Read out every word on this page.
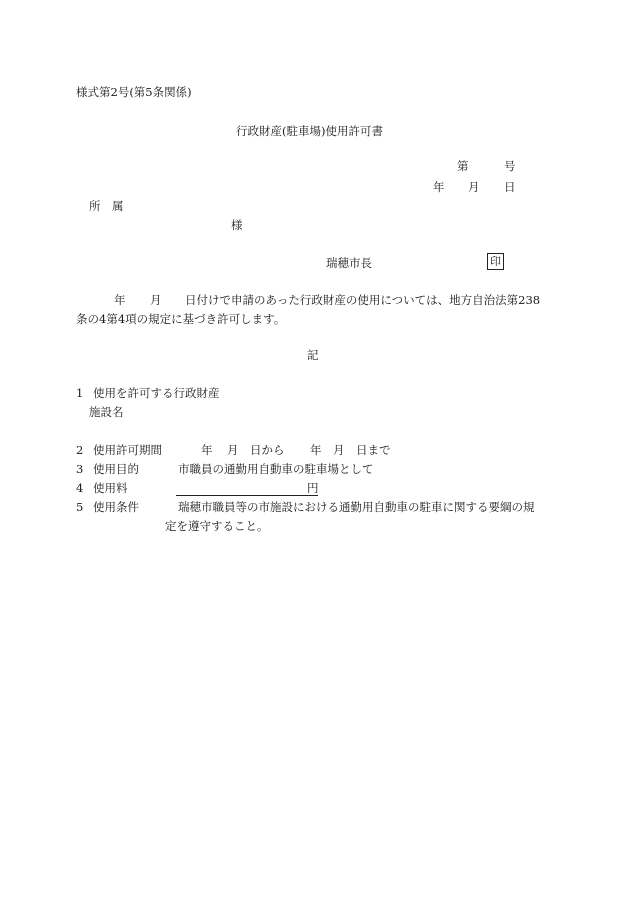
様式第2号(第5条関係)
行政財産(駐車場)使用許可書
第	号
年 月 日
所　属
様
瑞穂市長	印
年 月 日付けで申請のあった行政財産の使用については、地方自治法第238
条の4第4項の規定に基づき許可します。
記
1 使用を許可する行政財産
施設名
2 使用許可期間	年 月 日から 年 月 日まで
3 使用目的	市職員の通勤用自動車の駐車場として
4 使用料	円
5 使用条件	瑞穂市職員等の市施設における通勤用自動車の駐車に関する要綱の規
定を遵守すること。
